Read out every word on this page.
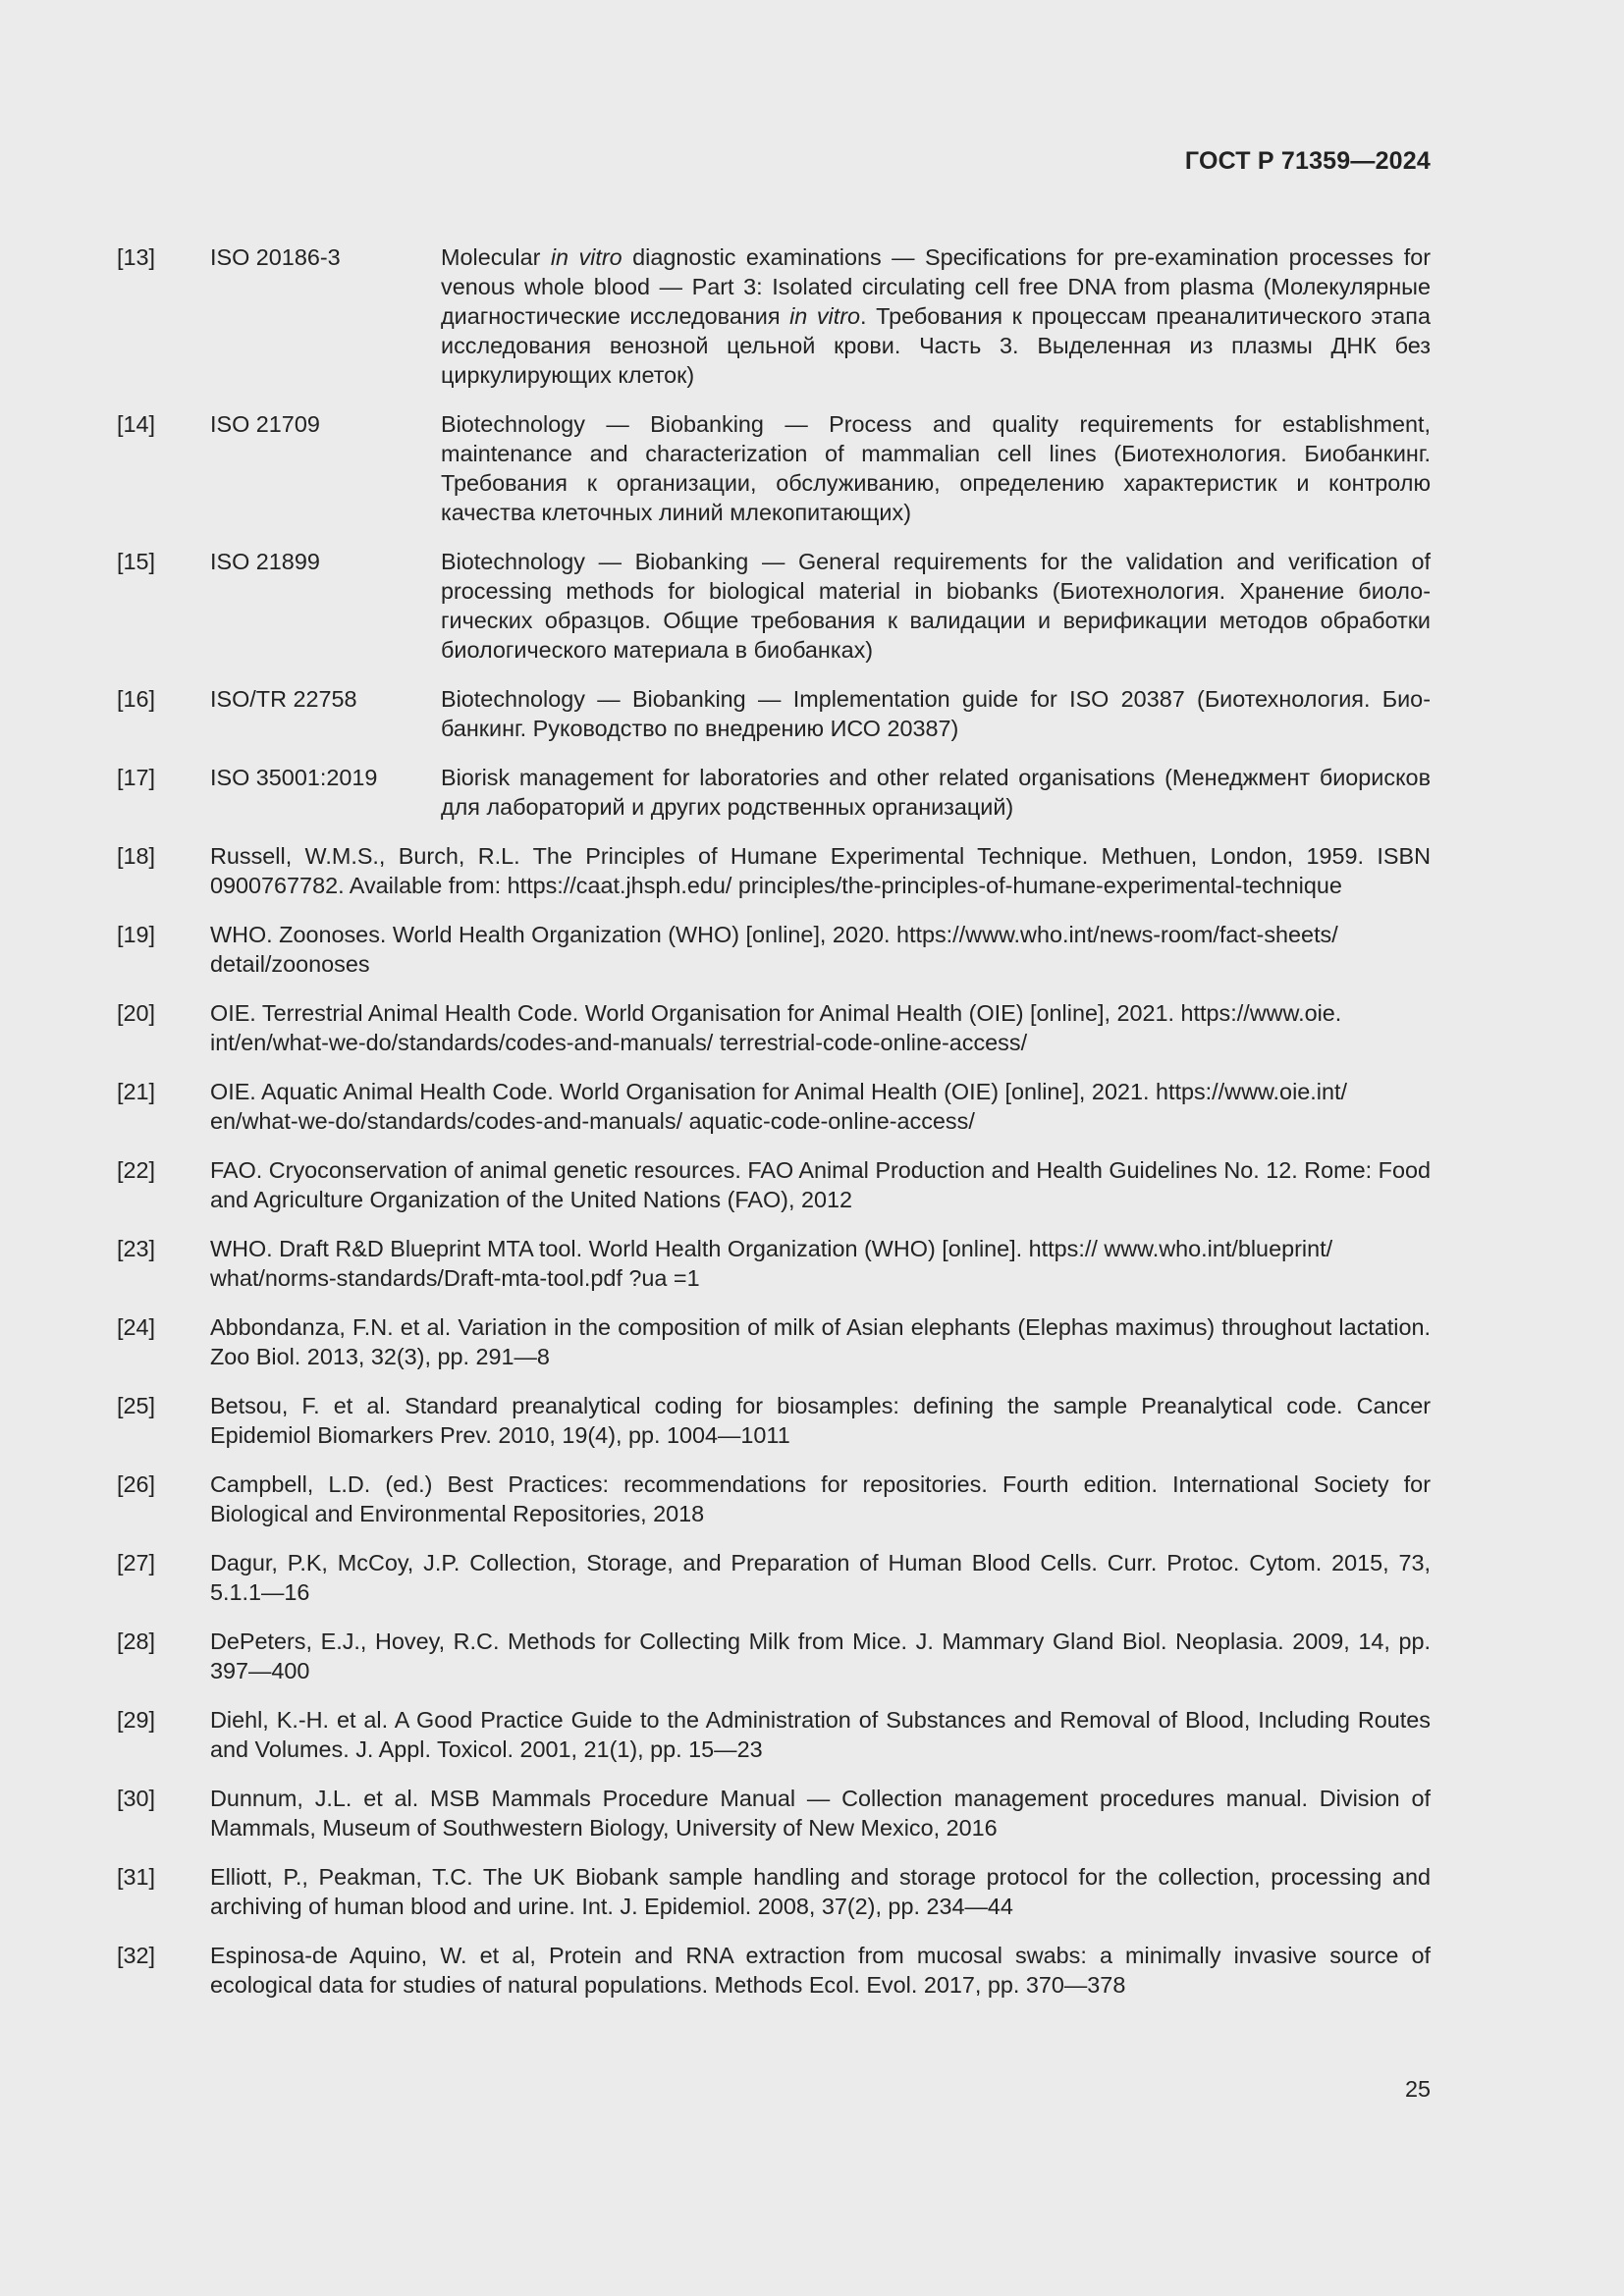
ГОСТ Р 71359—2024
[13]	ISO 20186-3	Molecular in vitro diagnostic examinations — Specifications for pre-examination processes for venous whole blood — Part 3: Isolated circulating cell free DNA from plasma (Молекулярные диагностические исследования in vitro. Требования к процессам преаналитического этапа исследования венозной цельной крови. Часть 3. Выделенная из плазмы ДНК без циркулирующих клеток)
[14]	ISO 21709	Biotechnology — Biobanking — Process and quality requirements for establishment, maintenance and characterization of mammalian cell lines (Биотехнология. Биобанкинг. Требования к организации, обслуживанию, определению характеристик и контролю качества клеточных линий млекопитающих)
[15]	ISO 21899	Biotechnology — Biobanking — General requirements for the validation and verification of processing methods for biological material in biobanks (Биотехнология. Хранение биологических образцов. Общие требования к валидации и верификации методов обработки биологического материала в биобанках)
[16]	ISO/TR 22758	Biotechnology — Biobanking — Implementation guide for ISO 20387 (Биотехнология. Биобанкинг. Руководство по внедрению ИСО 20387)
[17]	ISO 35001:2019	Biorisk management for laboratories and other related organisations (Менеджмент биорисков для лабораторий и других родственных организаций)
[18]	Russell, W.M.S., Burch, R.L. The Principles of Humane Experimental Technique. Methuen, London, 1959. ISBN 0900767782. Available from: https://caat.jhsph.edu/ principles/the-principles-of-humane-experimental-technique
[19]	WHO. Zoonoses. World Health Organization (WHO) [online], 2020. https://www.who.int/news-room/fact-sheets/ detail/zoonoses
[20]	OIE. Terrestrial Animal Health Code. World Organisation for Animal Health (OIE) [online], 2021. https://www.oie. int/en/what-we-do/standards/codes-and-manuals/ terrestrial-code-online-access/
[21]	OIE. Aquatic Animal Health Code. World Organisation for Animal Health (OIE) [online], 2021. https://www.oie.int/ en/what-we-do/standards/codes-and-manuals/ aquatic-code-online-access/
[22]	FAO. Cryoconservation of animal genetic resources. FAO Animal Production and Health Guidelines No. 12. Rome: Food and Agriculture Organization of the United Nations (FAO), 2012
[23]	WHO. Draft R&D Blueprint MTA tool. World Health Organization (WHO) [online]. https:// www.who.int/blueprint/ what/norms-standards/Draft-mta-tool.pdf ?ua =1
[24]	Abbondanza, F.N. et al. Variation in the composition of milk of Asian elephants (Elephas maximus) throughout lactation. Zoo Biol. 2013, 32(3), pp. 291—8
[25]	Betsou, F. et al. Standard preanalytical coding for biosamples: defining the sample Preanalytical code. Cancer Epidemiol Biomarkers Prev. 2010, 19(4), pp. 1004—1011
[26]	Campbell, L.D. (ed.) Best Practices: recommendations for repositories. Fourth edition. International Society for Biological and Environmental Repositories, 2018
[27]	Dagur, P.K, McCoy, J.P. Collection, Storage, and Preparation of Human Blood Cells. Curr. Protoc. Cytom. 2015, 73, 5.1.1—16
[28]	DePeters, E.J., Hovey, R.C. Methods for Collecting Milk from Mice. J. Mammary Gland Biol. Neoplasia. 2009, 14, pp. 397—400
[29]	Diehl, K.-H. et al. A Good Practice Guide to the Administration of Substances and Removal of Blood, Including Routes and Volumes. J. Appl. Toxicol. 2001, 21(1), pp. 15—23
[30]	Dunnum, J.L. et al. MSB Mammals Procedure Manual — Collection management procedures manual. Division of Mammals, Museum of Southwestern Biology, University of New Mexico, 2016
[31]	Elliott, P., Peakman, T.C. The UK Biobank sample handling and storage protocol for the collection, processing and archiving of human blood and urine. Int. J. Epidemiol. 2008, 37(2), pp. 234—44
[32]	Espinosa-de Aquino, W. et al, Protein and RNA extraction from mucosal swabs: a minimally invasive source of ecological data for studies of natural populations. Methods Ecol. Evol. 2017, pp. 370—378
25
